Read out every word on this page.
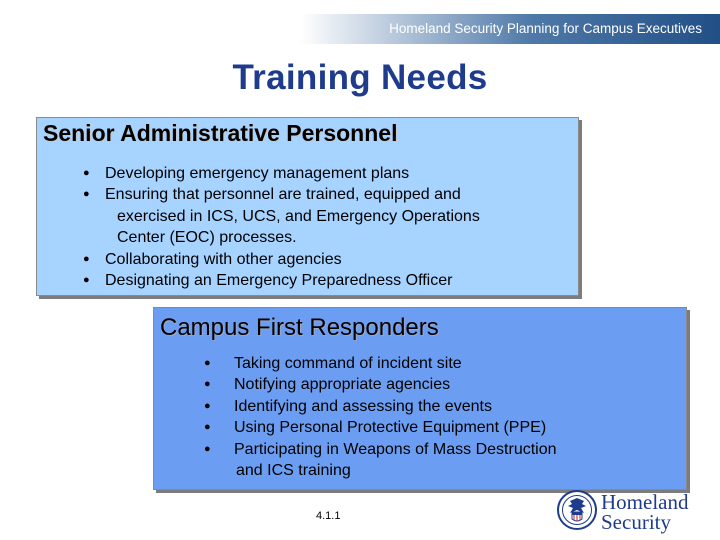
Homeland Security Planning for Campus Executives
Training Needs
Senior Administrative Personnel
● Developing emergency management plans
● Ensuring that personnel are trained, equipped and
exercised in ICS, UCS, and Emergency Operations
Center (EOC) processes.
● Collaborating with other agencies
● Designating an Emergency Preparedness Officer
Campus First Responders
● Taking command of incident site
● Notifying appropriate agencies
● Identifying and assessing the events
● Using Personal Protective Equipment (PPE)
● Participating in Weapons of Mass Destruction
and ICS training
4.1.1
Homeland
Security
